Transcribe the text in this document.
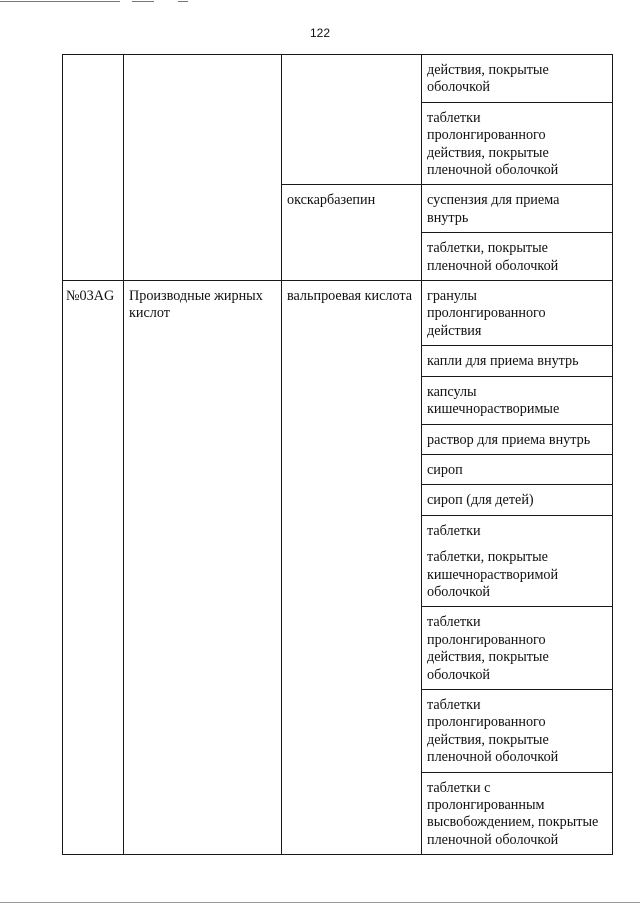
122

			действия, покрытые
оболочкой

			таблетки
пролонгированного
действия, покрытые
пленочной оболочкой

		окскарбазепин	суспензия для приема
внутрь

			таблетки, покрытые
пленочной оболочкой

№03AG	Производные жирных кислот	вальпроевая кислота	гранулы
пролонгированного
действия

			капли для приема внутрь

			капсулы
кишечнорастворимые

			раствор для приема внутрь

			сироп

			сироп (для детей)

			таблетки
таблетки, покрытые
кишечнорастворимой
оболочкой

			таблетки
пролонгированного
действия, покрытые
оболочкой

			таблетки
пролонгированного
действия, покрытые
пленочной оболочкой

			таблетки с
пролонгированным
высвобождением, покрытые
пленочной оболочкой
